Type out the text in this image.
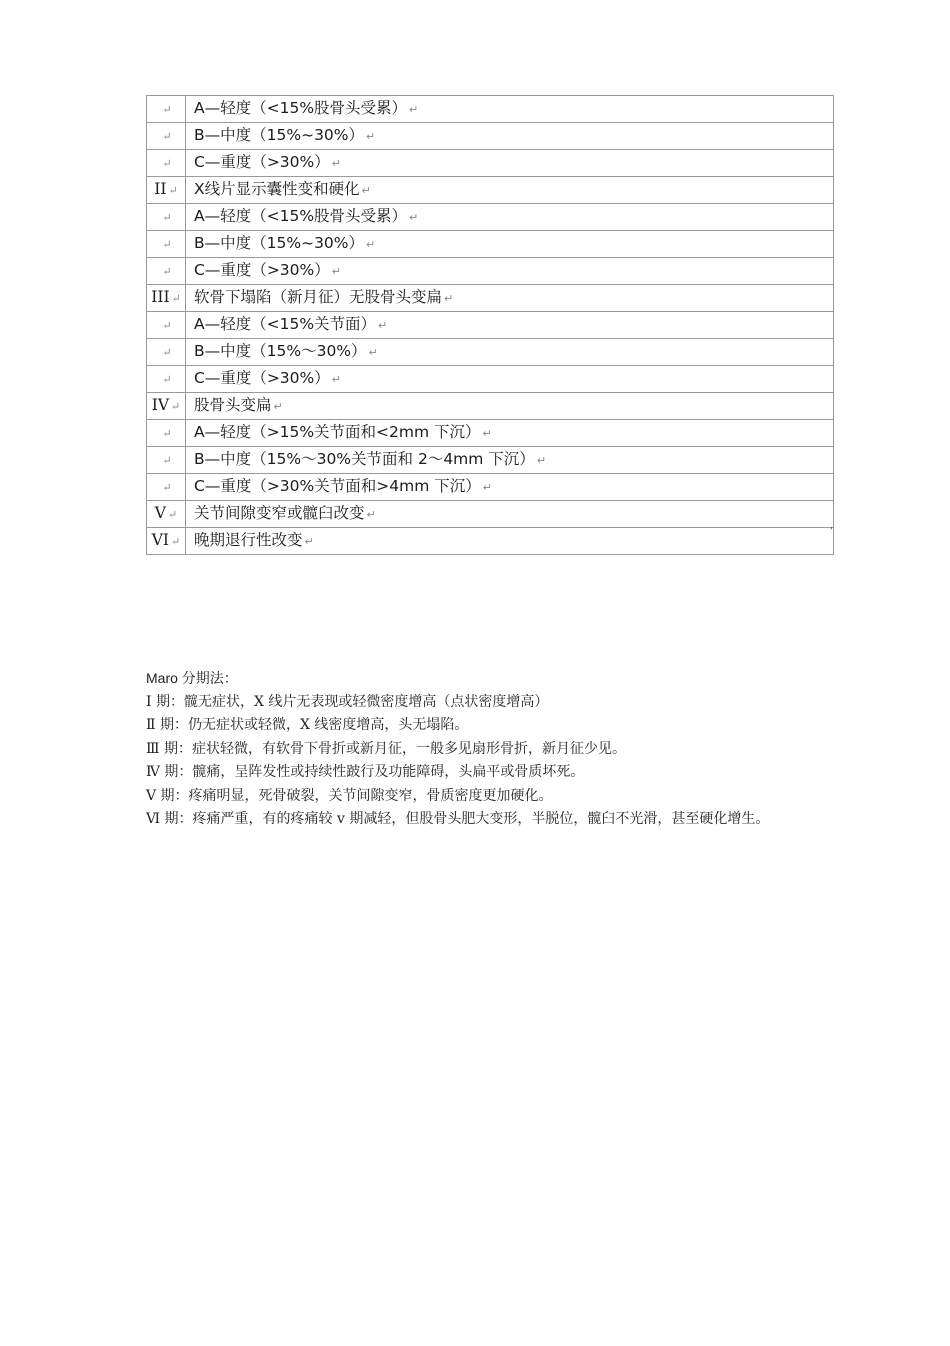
↵	A—轻度（<15%股骨头受累） ↵
↵	B—中度（15%~30%） ↵
↵	C—重度（>30%） ↵
II ↵	X线片显示囊性变和硬化 ↵
↵	A—轻度（<15%股骨头受累） ↵
↵	B—中度（15%~30%） ↵
↵	C—重度（>30%） ↵
III ↵	软骨下塌陷（新月征）无股骨头变扁 ↵
↵	A—轻度（<15%关节面） ↵
↵	B—中度（15%～30%） ↵
↵	C—重度（>30%） ↵
IV ↵	股骨头变扁 ↵
↵	A—轻度（>15%关节面和<2mm 下沉） ↵
↵	B—中度（15%～30%关节面和 2～4mm 下沉） ↵
↵	C—重度（>30%关节面和>4mm 下沉） ↵
V ↵	关节间隙变窄或髋臼改变 ↵
VI ↵	晚期退行性改变 ↵
,

Maro 分期法：

Ⅰ 期：髋无症状，X 线片无表现或轻微密度增高（点状密度增高）

Ⅱ 期：仍无症状或轻微，X 线密度增高，头无塌陷。

Ⅲ 期：症状轻微，有软骨下骨折或新月征，一般多见扇形骨折，新月征少见。

Ⅳ 期：髋痛，呈阵发性或持续性跛行及功能障碍，头扁平或骨质坏死。

Ⅴ 期：疼痛明显，死骨破裂，关节间隙变窄，骨质密度更加硬化。

Ⅵ 期：疼痛严重，有的疼痛较 v 期减轻，但股骨头肥大变形，半脱位，髋臼不光滑，甚至硬化增生。
